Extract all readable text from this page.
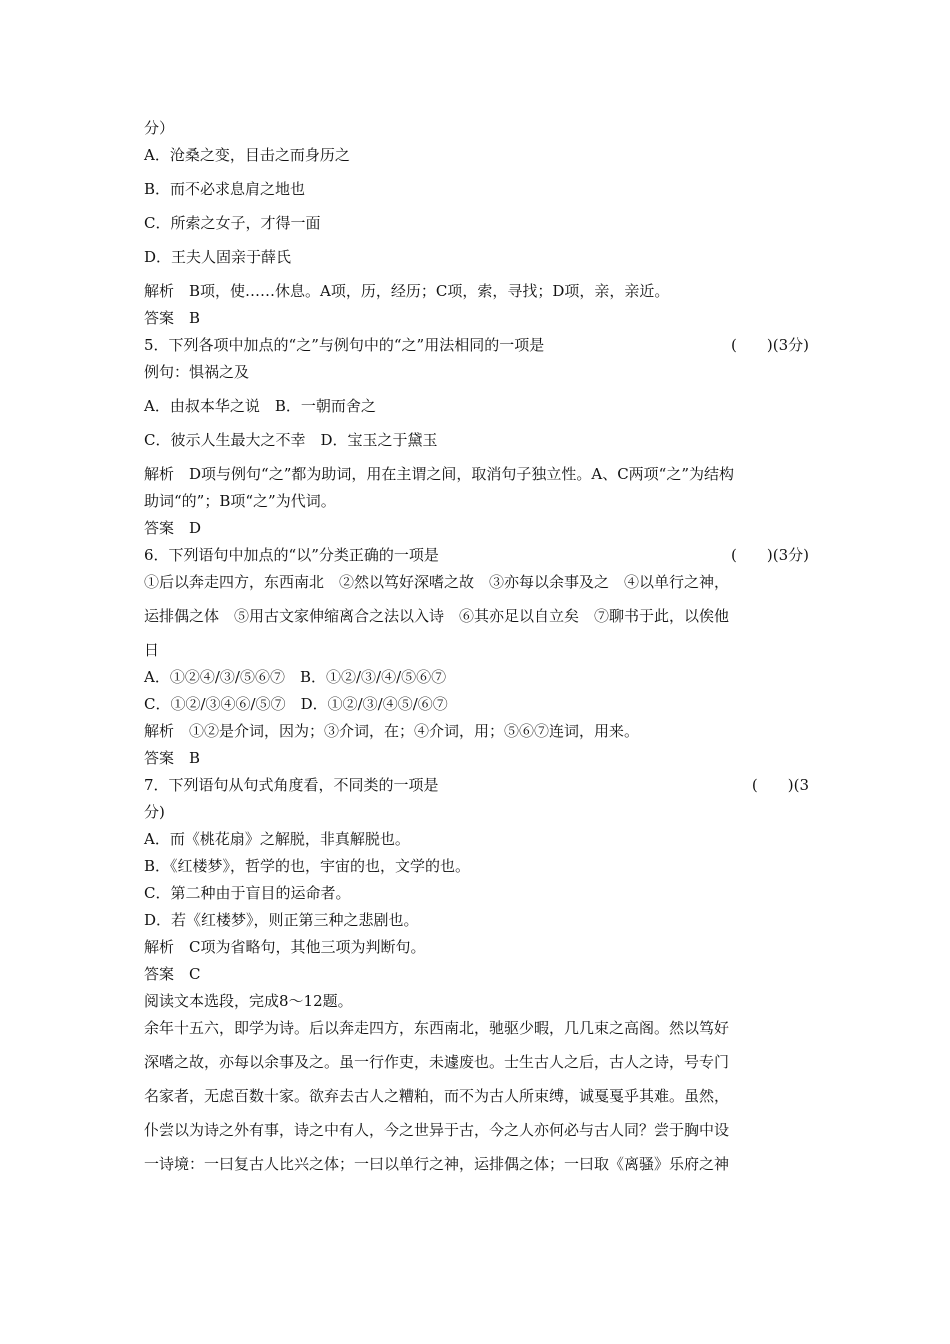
分）
A．沧桑之变，目击之而身历之
B．而不必求息肩之地也
C．所索之女子，才得一面
D．王夫人固亲于薛氏
解析　B项，使……休息。A项，历，经历；C项，索，寻找；D项，亲，亲近。
答案　B
5．下列各项中加点的“之”与例句中的“之”用法相同的一项是	(　　)(3分)
例句：惧祸之及
A．由叔本华之说　B．一朝而舍之
C．彼示人生最大之不幸　D．宝玉之于黛玉
解析　D项与例句“之”都为助词，用在主谓之间，取消句子独立性。A、C两项“之”为结构
助词“的”；B项“之”为代词。
答案　D
6．下列语句中加点的“以”分类正确的一项是	(　　)(3分)
①后以奔走四方，东西南北　②然以笃好深嗜之故　③亦每以余事及之　④以单行之神，
运排偶之体　⑤用古文家伸缩离合之法以入诗　⑥其亦足以自立矣　⑦聊书于此，以俟他
日
A．①②④/③/⑤⑥⑦　B．①②/③/④/⑤⑥⑦
C．①②/③④⑥/⑤⑦　D．①②/③/④⑤/⑥⑦
解析　①②是介词，因为；③介词，在；④介词，用；⑤⑥⑦连词，用来。
答案　B
7．下列语句从句式角度看，不同类的一项是	(　　)(3
分)
A．而《桃花扇》之解脱，非真解脱也。
B．《红楼梦》，哲学的也，宇宙的也，文学的也。
C．第二种由于盲目的运命者。
D．若《红楼梦》，则正第三种之悲剧也。
解析　C项为省略句，其他三项为判断句。
答案　C
阅读文本选段，完成8～12题。
余年十五六，即学为诗。后以奔走四方，东西南北，驰驱少暇，几几束之高阁。然以笃好
深嗜之故，亦每以余事及之。虽一行作吏，未遽废也。士生古人之后，古人之诗，号专门
名家者，无虑百数十家。欲弃去古人之糟粕，而不为古人所束缚，诚戛戛乎其难。虽然，
仆尝以为诗之外有事，诗之中有人，今之世异于古，今之人亦何必与古人同？尝于胸中设
一诗境：一曰复古人比兴之体；一曰以单行之神，运排偶之体；一曰取《离骚》乐府之神
